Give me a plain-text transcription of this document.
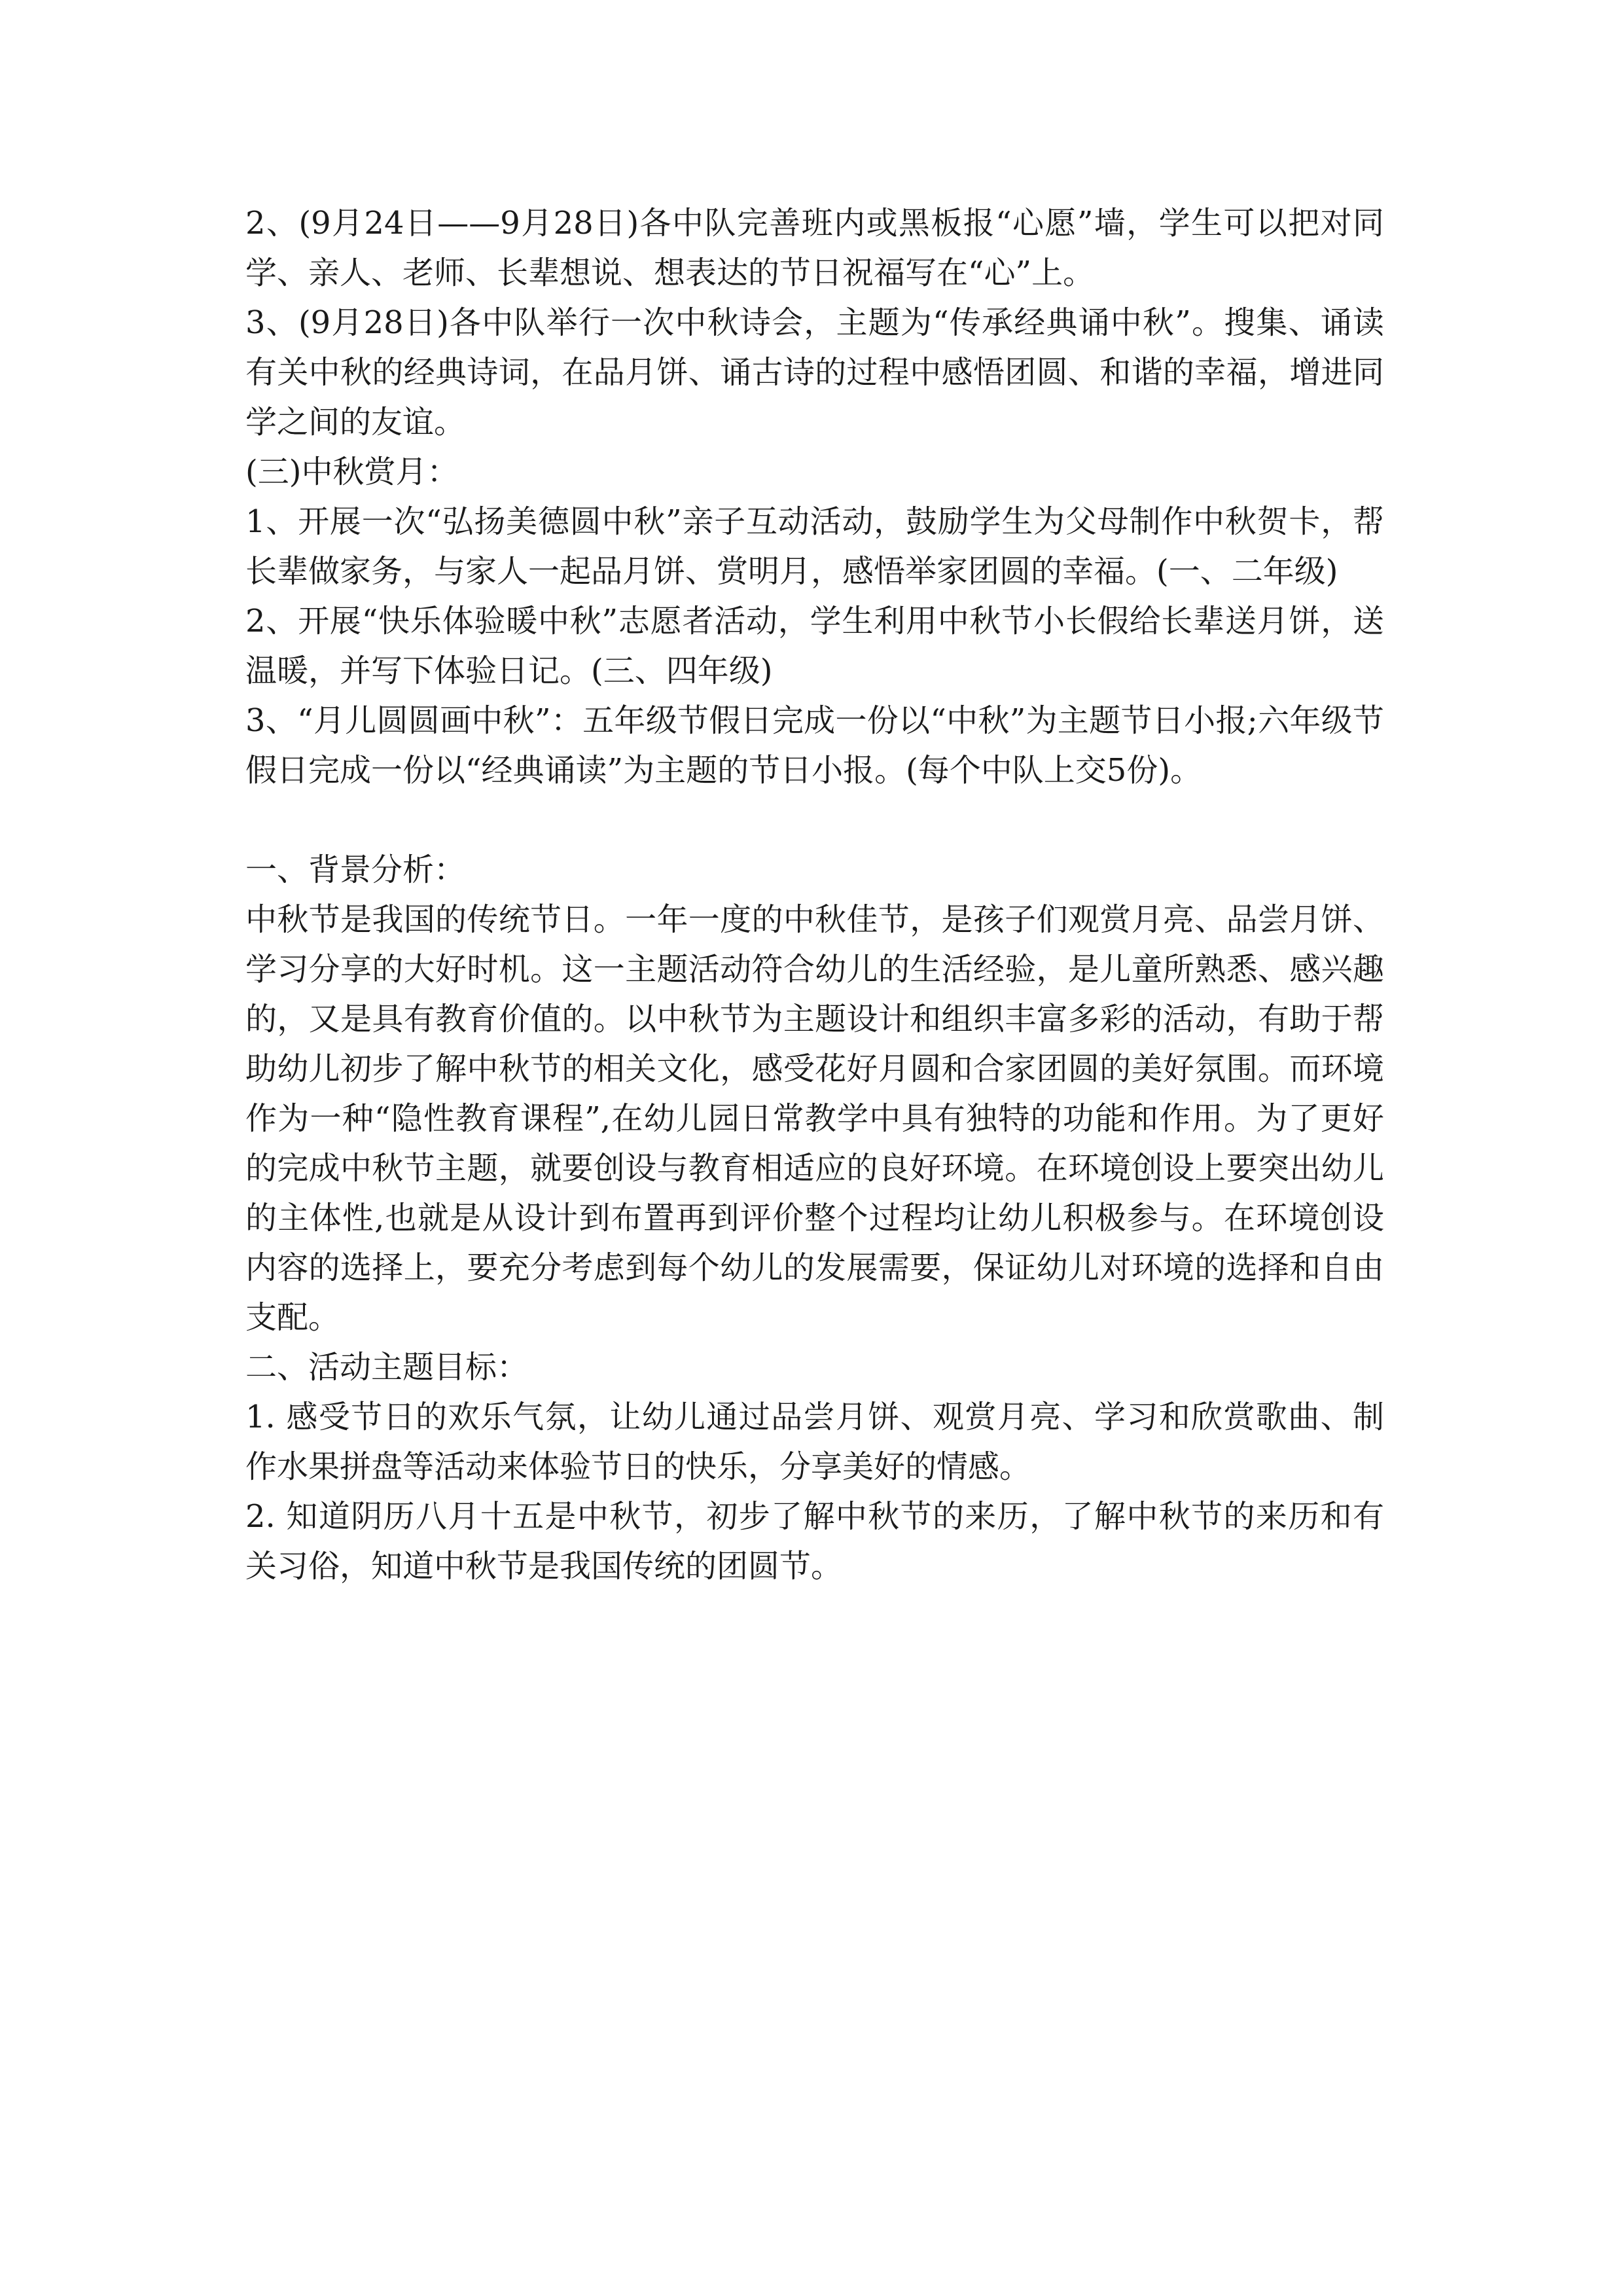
2、(9月24日——9月28日)各中队完善班内或黑板报“心愿”墙，学生可以把对同学、亲人、老师、长辈想说、想表达的节日祝福写在“心”上。

3、(9月28日)各中队举行一次中秋诗会，主题为“传承经典诵中秋”。搜集、诵读有关中秋的经典诗词，在品月饼、诵古诗的过程中感悟团圆、和谐的幸福，增进同学之间的友谊。

(三)中秋赏月：

1、开展一次“弘扬美德圆中秋”亲子互动活动，鼓励学生为父母制作中秋贺卡，帮长辈做家务，与家人一起品月饼、赏明月，感悟举家团圆的幸福。(一、二年级)

2、开展“快乐体验暖中秋”志愿者活动，学生利用中秋节小长假给长辈送月饼，送温暖，并写下体验日记。(三、四年级)

3、“月儿圆圆画中秋”：五年级节假日完成一份以“中秋”为主题节日小报;六年级节假日完成一份以“经典诵读”为主题的节日小报。(每个中队上交5份)。

一、背景分析：

中秋节是我国的传统节日。一年一度的中秋佳节，是孩子们观赏月亮、品尝月饼、学习分享的大好时机。这一主题活动符合幼儿的生活经验，是儿童所熟悉、感兴趣的，又是具有教育价值的。以中秋节为主题设计和组织丰富多彩的活动，有助于帮助幼儿初步了解中秋节的相关文化，感受花好月圆和合家团圆的美好氛围。而环境作为一种“隐性教育课程”,在幼儿园日常教学中具有独特的功能和作用。为了更好的完成中秋节主题，就要创设与教育相适应的良好环境。在环境创设上要突出幼儿的主体性,也就是从设计到布置再到评价整个过程均让幼儿积极参与。在环境创设内容的选择上，要充分考虑到每个幼儿的发展需要，保证幼儿对环境的选择和自由支配。

二、活动主题目标：

1. 感受节日的欢乐气氛，让幼儿通过品尝月饼、观赏月亮、学习和欣赏歌曲、制作水果拼盘等活动来体验节日的快乐，分享美好的情感。

2. 知道阴历八月十五是中秋节，初步了解中秋节的来历，了解中秋节的来历和有关习俗，知道中秋节是我国传统的团圆节。
